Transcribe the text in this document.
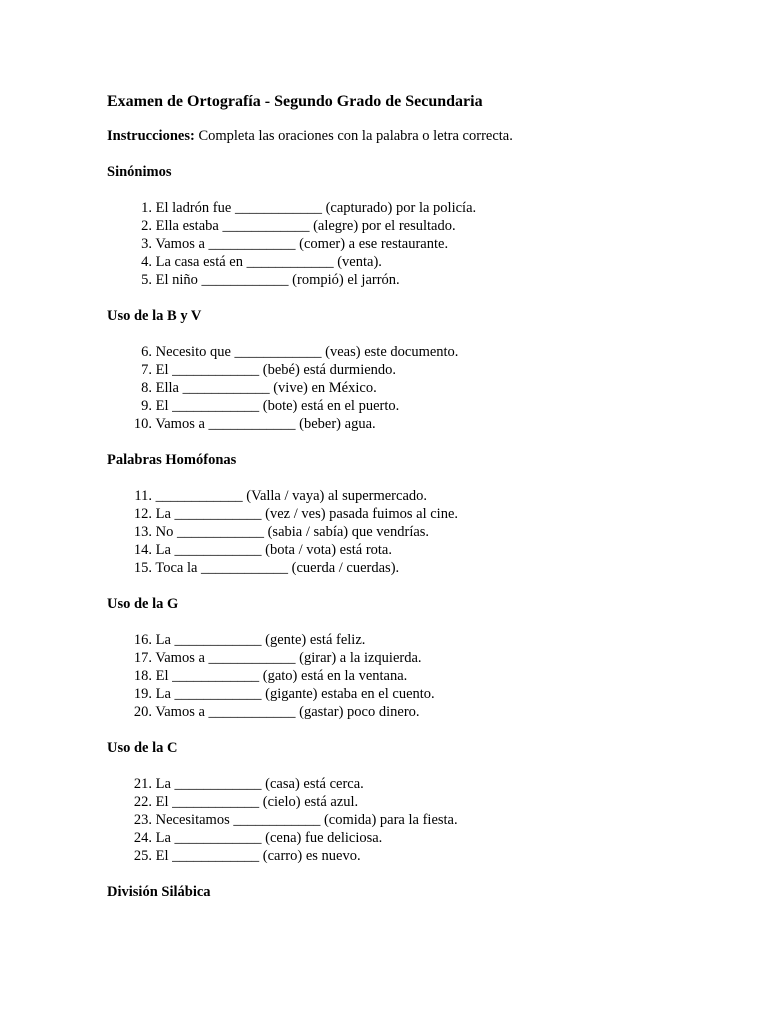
Examen de Ortografía - Segundo Grado de Secundaria
Instrucciones: Completa las oraciones con la palabra o letra correcta.
Sinónimos
1. El ladrón fue ____________ (capturado) por la policía.
2. Ella estaba ____________ (alegre) por el resultado.
3. Vamos a ____________ (comer) a ese restaurante.
4. La casa está en ____________ (venta).
5. El niño ____________ (rompió) el jarrón.
Uso de la B y V
6. Necesito que ____________ (veas) este documento.
7. El ____________ (bebé) está durmiendo.
8. Ella ____________ (vive) en México.
9. El ____________ (bote) está en el puerto.
10. Vamos a ____________ (beber) agua.
Palabras Homófonas
11. ____________ (Valla / vaya) al supermercado.
12. La ____________ (vez / ves) pasada fuimos al cine.
13. No ____________ (sabia / sabía) que vendrías.
14. La ____________ (bota / vota) está rota.
15. Toca la ____________ (cuerda / cuerdas).
Uso de la G
16. La ____________ (gente) está feliz.
17. Vamos a ____________ (girar) a la izquierda.
18. El ____________ (gato) está en la ventana.
19. La ____________ (gigante) estaba en el cuento.
20. Vamos a ____________ (gastar) poco dinero.
Uso de la C
21. La ____________ (casa) está cerca.
22. El ____________ (cielo) está azul.
23. Necesitamos ____________ (comida) para la fiesta.
24. La ____________ (cena) fue deliciosa.
25. El ____________ (carro) es nuevo.
División Silábica
